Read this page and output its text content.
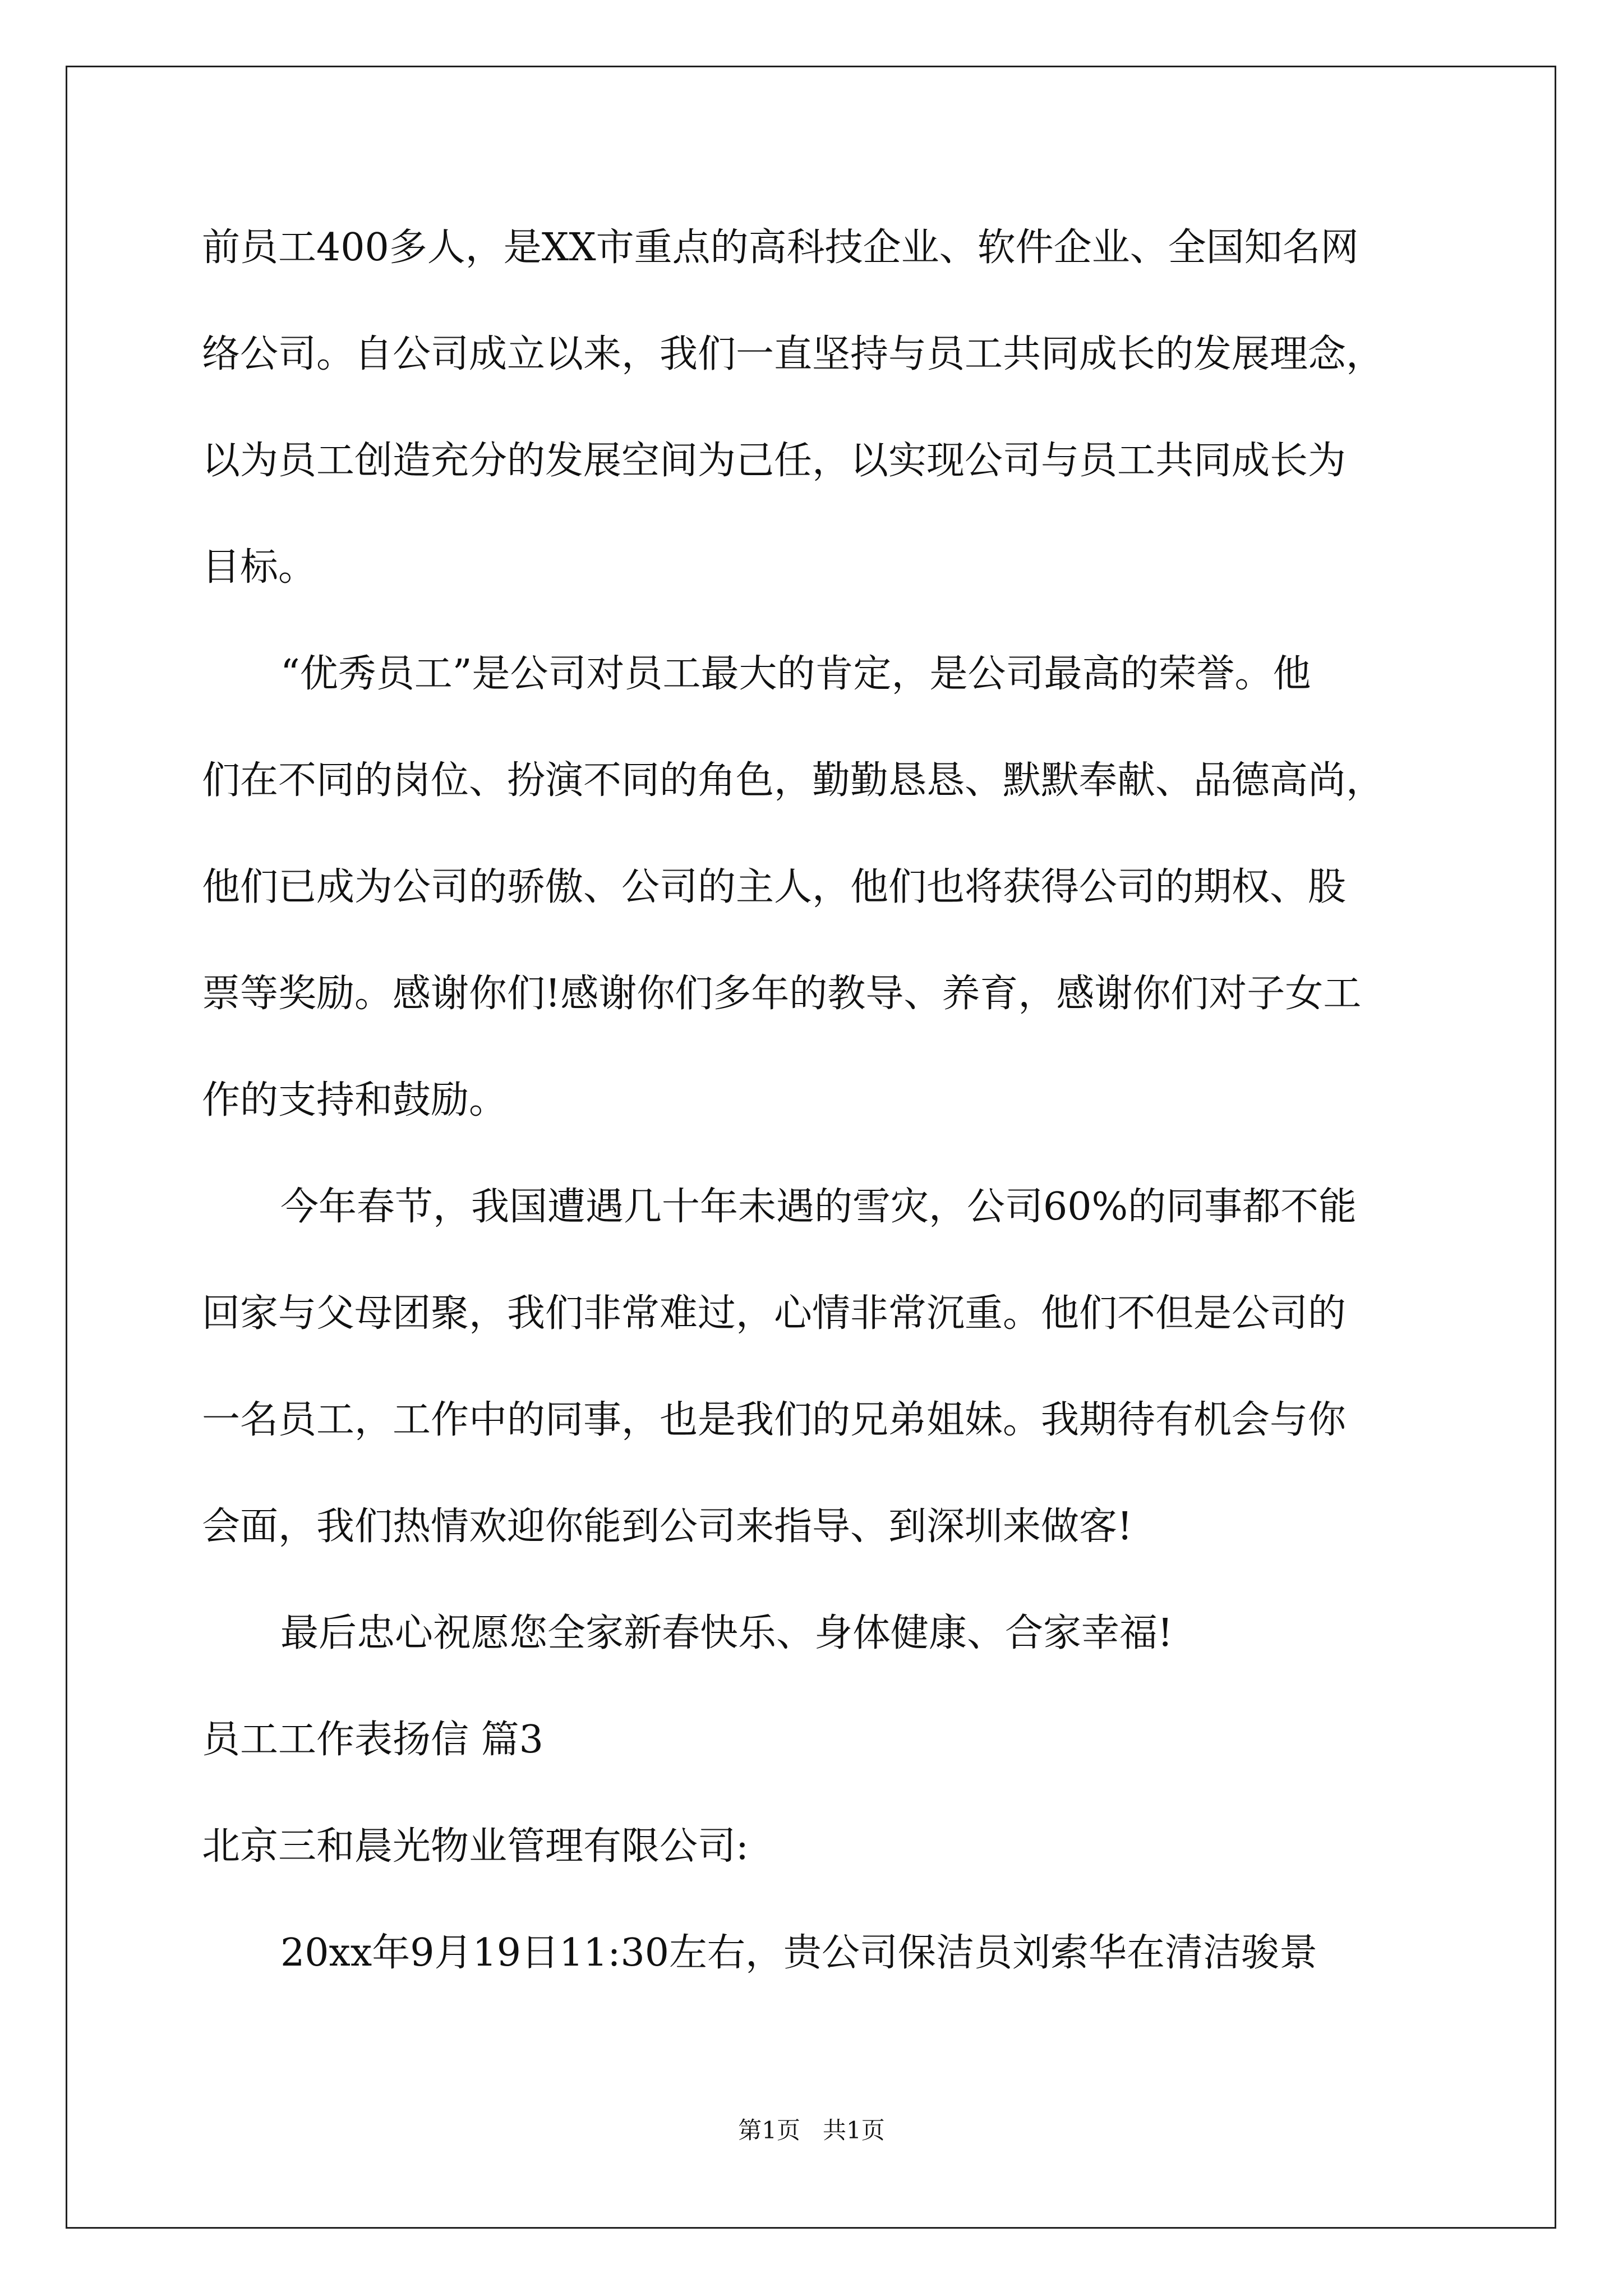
前员工400多人，是XX市重点的高科技企业、软件企业、全国知名网
络公司。自公司成立以来，我们一直坚持与员工共同成长的发展理念，
以为员工创造充分的发展空间为己任，以实现公司与员工共同成长为
目标。
“优秀员工”是公司对员工最大的肯定，是公司最高的荣誉。他
们在不同的岗位、扮演不同的角色，勤勤恳恳、默默奉献、品德高尚，
他们已成为公司的骄傲、公司的主人，他们也将获得公司的期权、股
票等奖励。感谢你们!感谢你们多年的教导、养育，感谢你们对子女工
作的支持和鼓励。
今年春节，我国遭遇几十年未遇的雪灾，公司60%的同事都不能
回家与父母团聚，我们非常难过，心情非常沉重。他们不但是公司的
一名员工，工作中的同事，也是我们的兄弟姐妹。我期待有机会与你
会面，我们热情欢迎你能到公司来指导、到深圳来做客!
最后忠心祝愿您全家新春快乐、身体健康、合家幸福!
员工工作表扬信 篇3
北京三和晨光物业管理有限公司:
20xx年9月19日11:30左右，贵公司保洁员刘索华在清洁骏景
第1页   共1页
